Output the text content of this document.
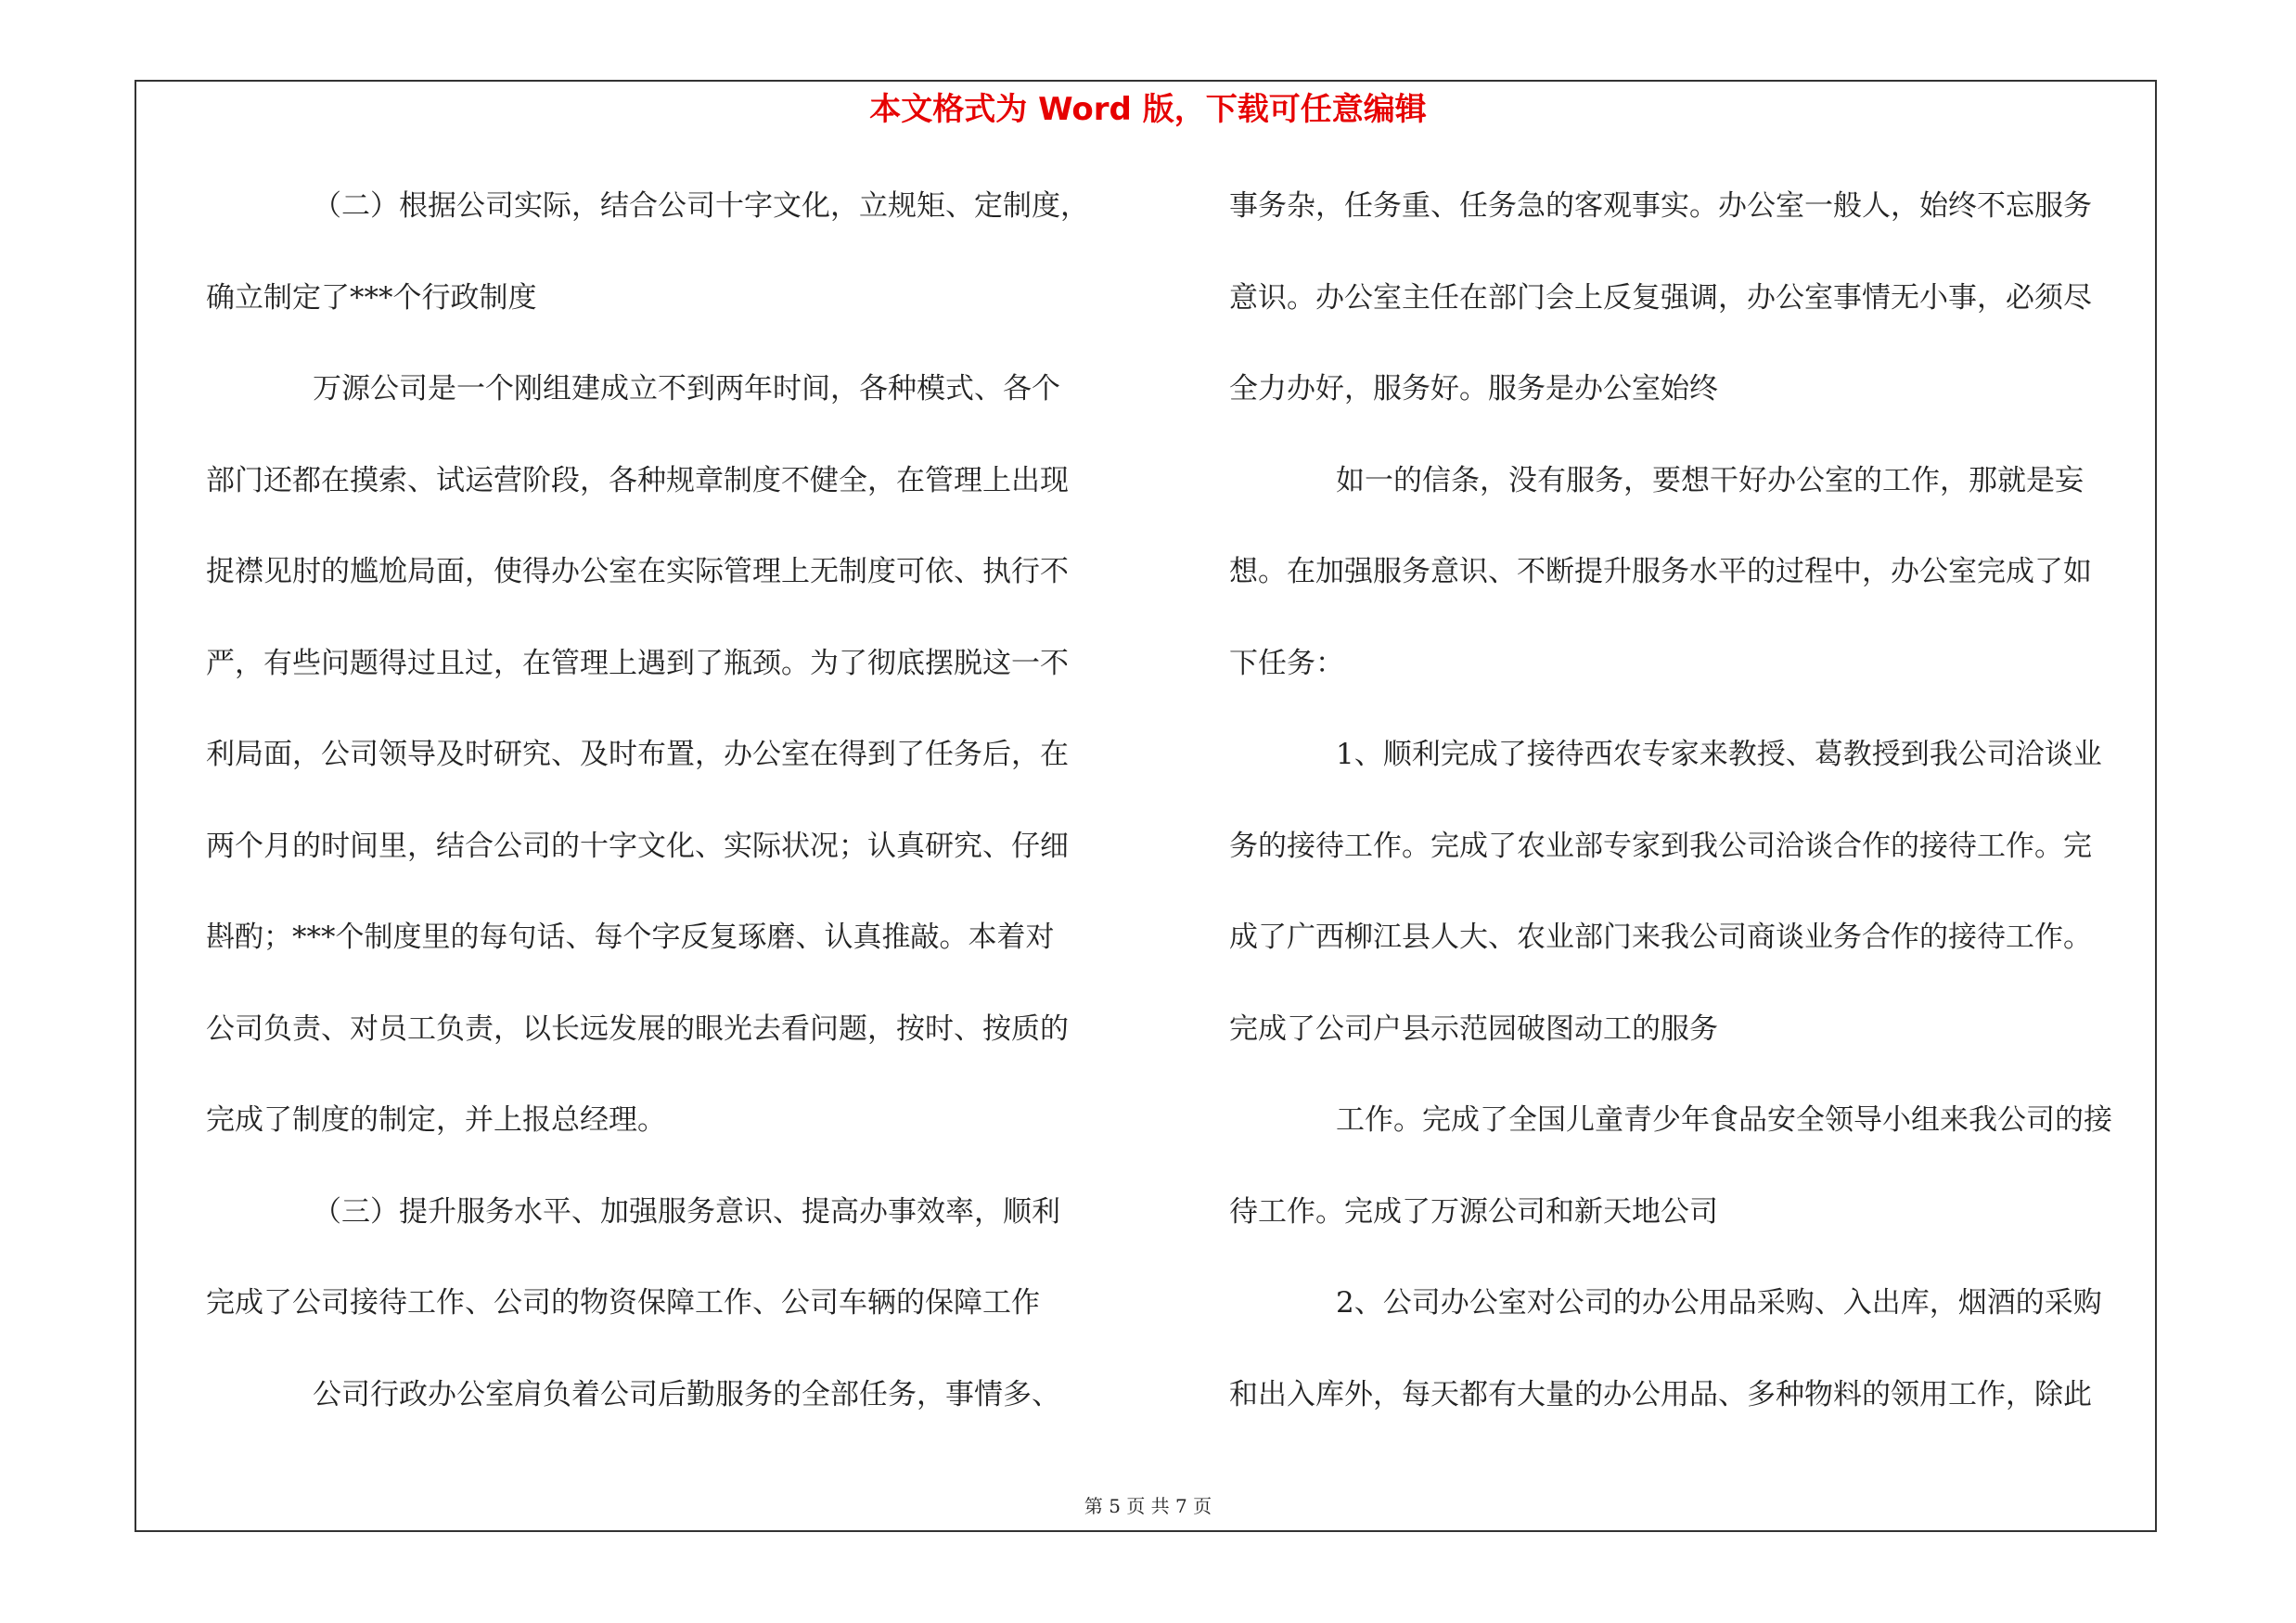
本文格式为 Word 版，下载可任意编辑
（二）根据公司实际，结合公司十字文化，立规矩、定制度，
确立制定了***个行政制度
万源公司是一个刚组建成立不到两年时间，各种模式、各个
部门还都在摸索、试运营阶段，各种规章制度不健全，在管理上出现
捉襟见肘的尴尬局面，使得办公室在实际管理上无制度可依、执行不
严，有些问题得过且过，在管理上遇到了瓶颈。为了彻底摆脱这一不
利局面，公司领导及时研究、及时布置，办公室在得到了任务后，在
两个月的时间里，结合公司的十字文化、实际状况；认真研究、仔细
斟酌；***个制度里的每句话、每个字反复琢磨、认真推敲。本着对
公司负责、对员工负责，以长远发展的眼光去看问题，按时、按质的
完成了制度的制定，并上报总经理。
（三）提升服务水平、加强服务意识、提高办事效率，顺利
完成了公司接待工作、公司的物资保障工作、公司车辆的保障工作
公司行政办公室肩负着公司后勤服务的全部任务，事情多、
事务杂，任务重、任务急的客观事实。办公室一般人，始终不忘服务
意识。办公室主任在部门会上反复强调，办公室事情无小事，必须尽
全力办好，服务好。服务是办公室始终
如一的信条，没有服务，要想干好办公室的工作，那就是妄
想。在加强服务意识、不断提升服务水平的过程中，办公室完成了如
下任务：
1、顺利完成了接待西农专家来教授、葛教授到我公司洽谈业
务的接待工作。完成了农业部专家到我公司洽谈合作的接待工作。完
成了广西柳江县人大、农业部门来我公司商谈业务合作的接待工作。
完成了公司户县示范园破图动工的服务
工作。完成了全国儿童青少年食品安全领导小组来我公司的接
待工作。完成了万源公司和新天地公司
2、公司办公室对公司的办公用品采购、入出库，烟酒的采购
和出入库外，每天都有大量的办公用品、多种物料的领用工作，除此
第 5 页 共 7 页
